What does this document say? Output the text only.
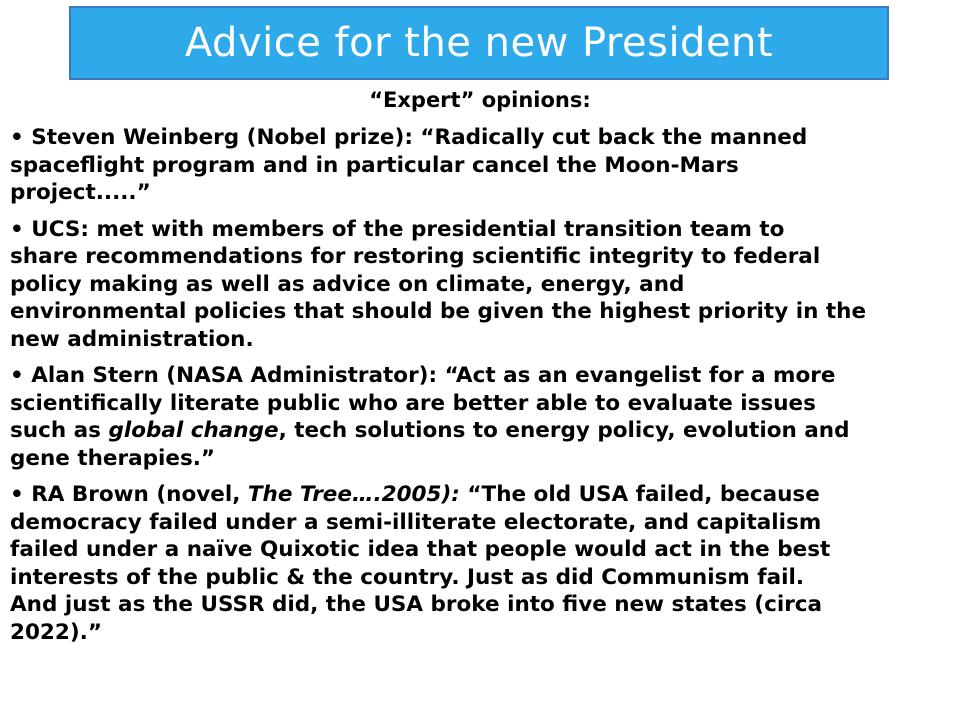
Advice for the new President
“Expert” opinions:
• Steven Weinberg (Nobel prize): “Radically cut back the manned
spaceflight program and in particular cancel the Moon-Mars
project.....”
• UCS: met with members of the presidential transition team to
share recommendations for restoring scientific integrity to federal
policy making as well as advice on climate, energy, and
environmental policies that should be given the highest priority in the
new administration.
• Alan Stern (NASA Administrator): “Act as an evangelist for a more
scientifically literate public who are better able to evaluate issues
such as global change, tech solutions to energy policy, evolution and
gene therapies.”
• RA Brown (novel, The Tree….2005): “The old USA failed, because
democracy failed under a semi-illiterate electorate, and capitalism
failed under a naïve Quixotic idea that people would act in the best
interests of the public & the country. Just as did Communism fail.
And just as the USSR did, the USA broke into five new states (circa
2022).”
